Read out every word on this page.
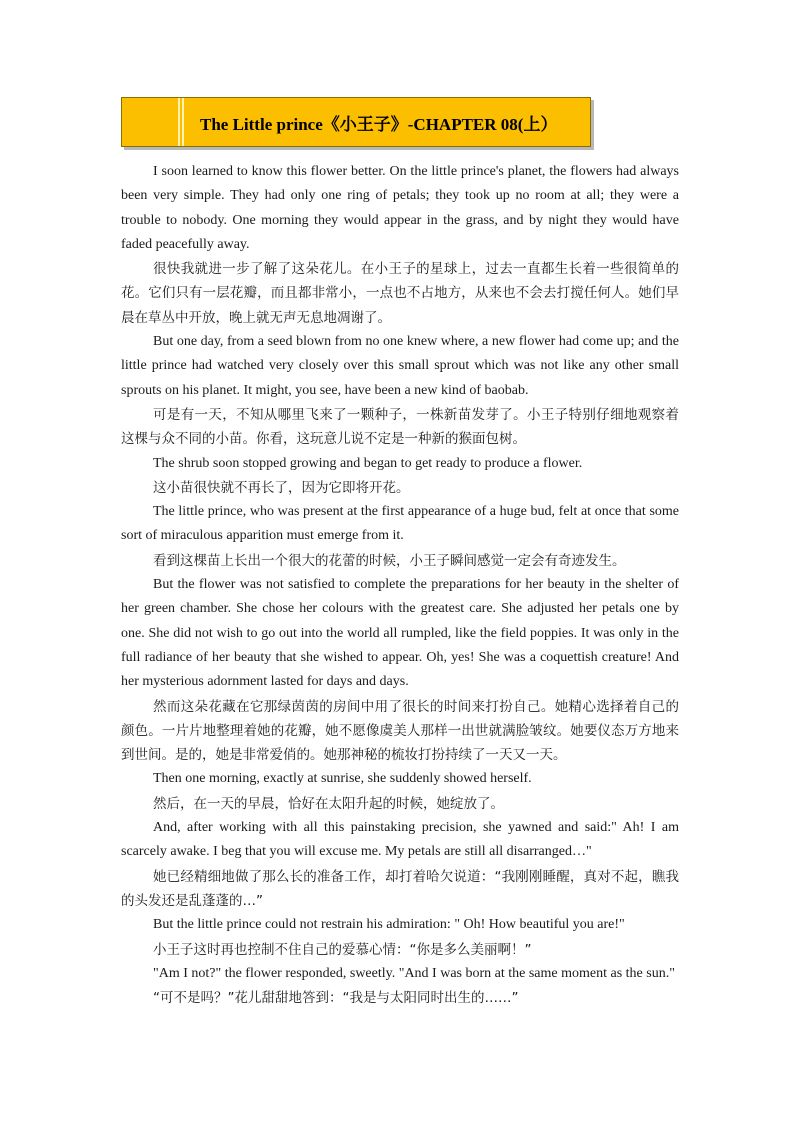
The Little prince《小王子》-CHAPTER 08(上）

I soon learned to know this flower better. On the little prince's planet, the flowers had always been very simple. They had only one ring of petals; they took up no room at all; they were a trouble to nobody. One morning they would appear in the grass, and by night they would have faded peacefully away.

很快我就进一步了解了这朵花儿。在小王子的星球上，过去一直都生长着一些很简单的花。它们只有一层花瓣，而且都非常小，一点也不占地方，从来也不会去打搅任何人。她们早晨在草丛中开放，晚上就无声无息地凋谢了。

But one day, from a seed blown from no one knew where, a new flower had come up; and the little prince had watched very closely over this small sprout which was not like any other small sprouts on his planet. It might, you see, have been a new kind of baobab.

可是有一天，不知从哪里飞来了一颗种子，一株新苗发芽了。小王子特别仔细地观察着这棵与众不同的小苗。你看，这玩意儿说不定是一种新的猴面包树。

The shrub soon stopped growing and began to get ready to produce a flower.

这小苗很快就不再长了，因为它即将开花。

The little prince, who was present at the first appearance of a huge bud, felt at once that some sort of miraculous apparition must emerge from it.

看到这棵苗上长出一个很大的花蕾的时候，小王子瞬间感觉一定会有奇迹发生。

But the flower was not satisfied to complete the preparations for her beauty in the shelter of her green chamber. She chose her colours with the greatest care. She adjusted her petals one by one. She did not wish to go out into the world all rumpled, like the field poppies. It was only in the full radiance of her beauty that she wished to appear. Oh, yes! She was a coquettish creature! And her mysterious adornment lasted for days and days.

然而这朵花藏在它那绿茵茵的房间中用了很长的时间来打扮自己。她精心选择着自己的颜色。一片片地整理着她的花瓣，她不愿像虞美人那样一出世就满脸皱纹。她要仪态万方地来到世间。是的，她是非常爱俏的。她那神秘的梳妆打扮持续了一天又一天。

Then one morning, exactly at sunrise, she suddenly showed herself.

然后，在一天的早晨，恰好在太阳升起的时候，她绽放了。

And, after working with all this painstaking precision, she yawned and said:" Ah! I am scarcely awake. I beg that you will excuse me. My petals are still all disarranged…"

她已经精细地做了那么长的准备工作，却打着哈欠说道：“我刚刚睡醒，真对不起，瞧我的头发还是乱蓬蓬的…”

But the little prince could not restrain his admiration: " Oh! How beautiful you are!"

小王子这时再也控制不住自己的爱慕心情：“你是多么美丽啊！”

"Am I not?" the flower responded, sweetly. "And I was born at the same moment as the sun."

“可不是吗？”花儿甜甜地答到：“我是与太阳同时出生的……”
